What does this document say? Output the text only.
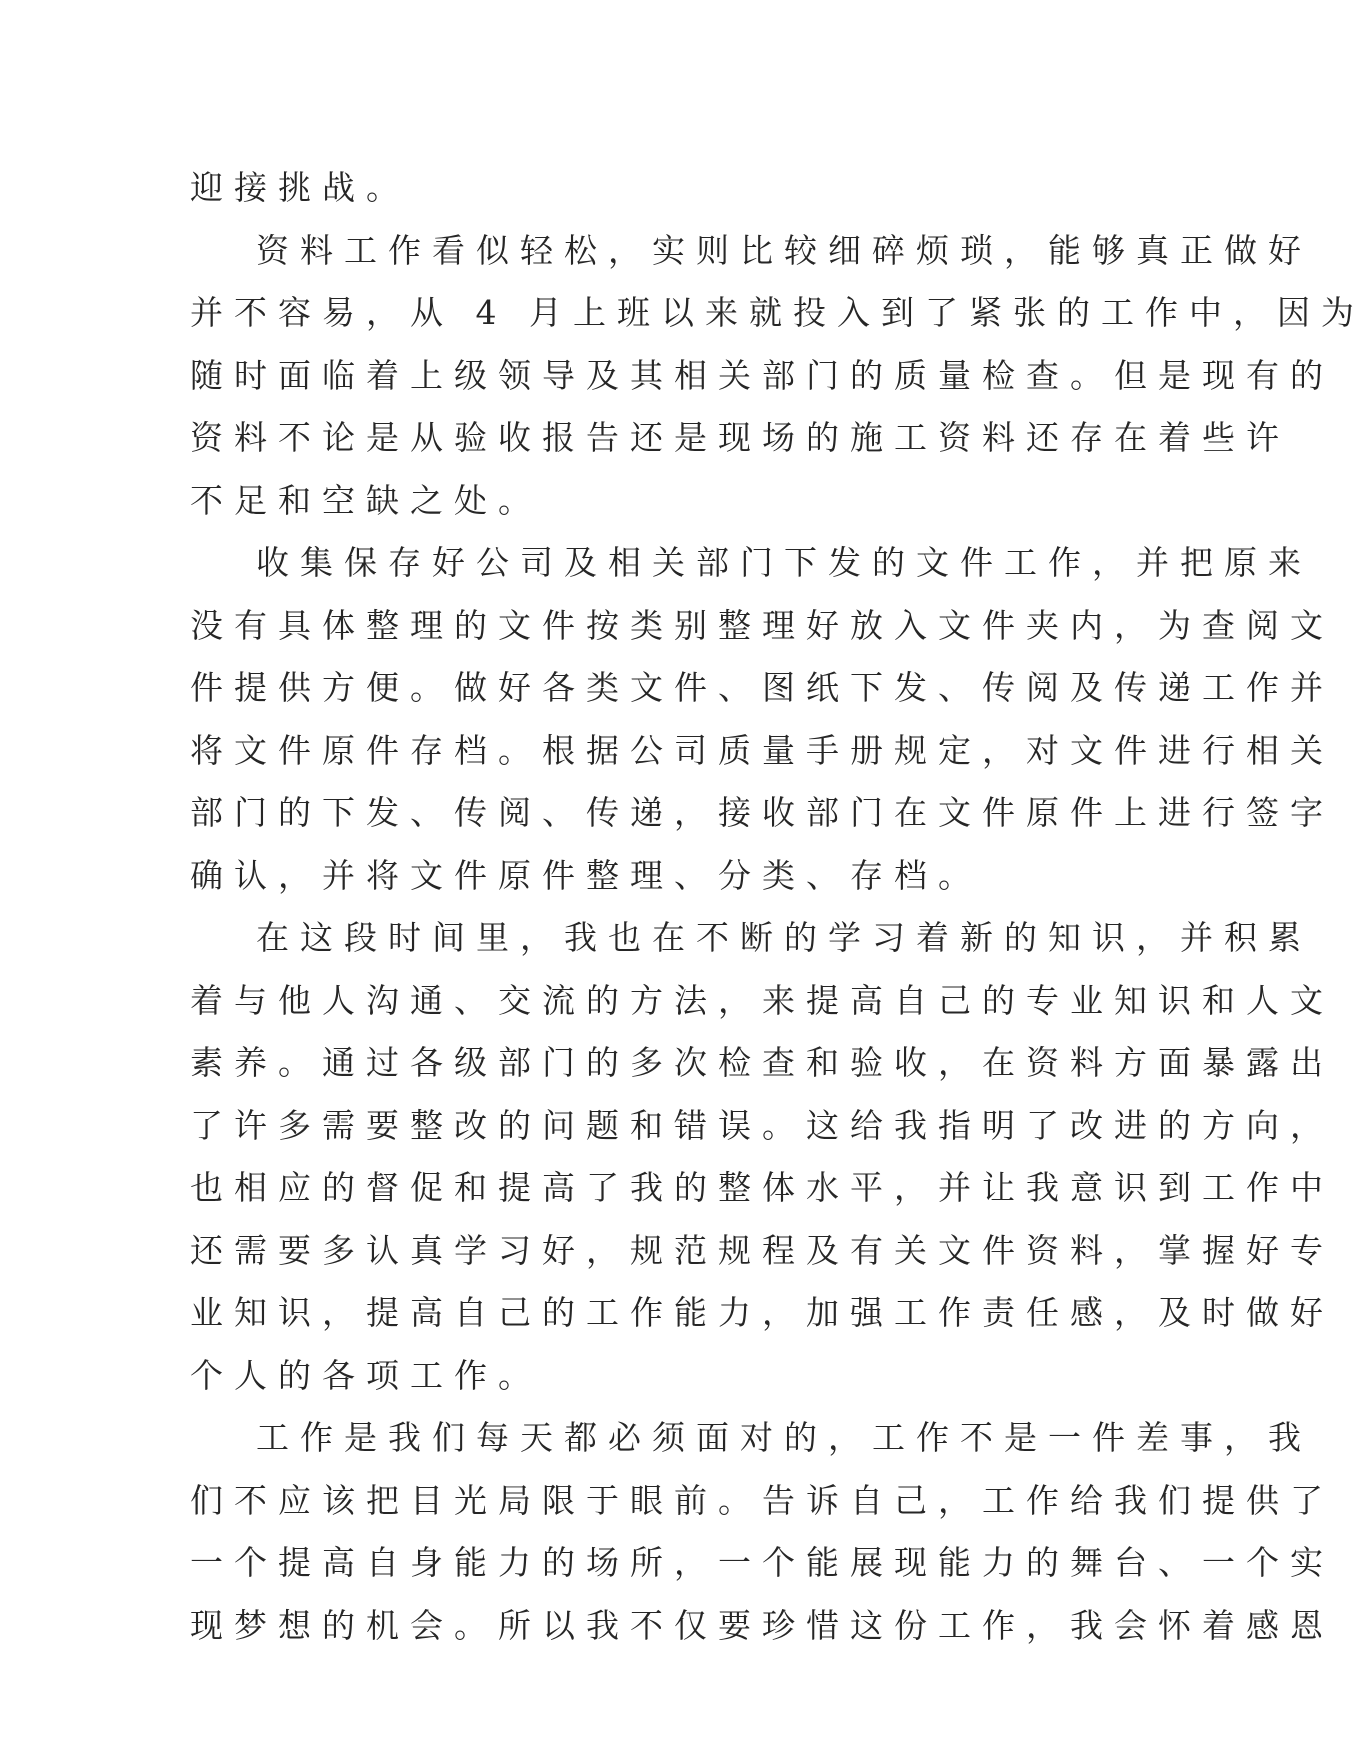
迎接挑战。
资料工作看似轻松，实则比较细碎烦琐，能够真正做好
并不容易，从 4 月上班以来就投入到了紧张的工作中，因为
随时面临着上级领导及其相关部门的质量检查。但是现有的
资料不论是从验收报告还是现场的施工资料还存在着些许
不足和空缺之处。
收集保存好公司及相关部门下发的文件工作，并把原来
没有具体整理的文件按类别整理好放入文件夹内，为查阅文
件提供方便。做好各类文件、图纸下发、传阅及传递工作并
将文件原件存档。根据公司质量手册规定，对文件进行相关
部门的下发、传阅、传递，接收部门在文件原件上进行签字
确认，并将文件原件整理、分类、存档。
在这段时间里，我也在不断的学习着新的知识，并积累
着与他人沟通、交流的方法，来提高自己的专业知识和人文
素养。通过各级部门的多次检查和验收，在资料方面暴露出
了许多需要整改的问题和错误。这给我指明了改进的方向，
也相应的督促和提高了我的整体水平，并让我意识到工作中
还需要多认真学习好，规范规程及有关文件资料，掌握好专
业知识，提高自己的工作能力，加强工作责任感，及时做好
个人的各项工作。
工作是我们每天都必须面对的，工作不是一件差事，我
们不应该把目光局限于眼前。告诉自己，工作给我们提供了
一个提高自身能力的场所，一个能展现能力的舞台、一个实
现梦想的机会。所以我不仅要珍惜这份工作，我会怀着感恩
